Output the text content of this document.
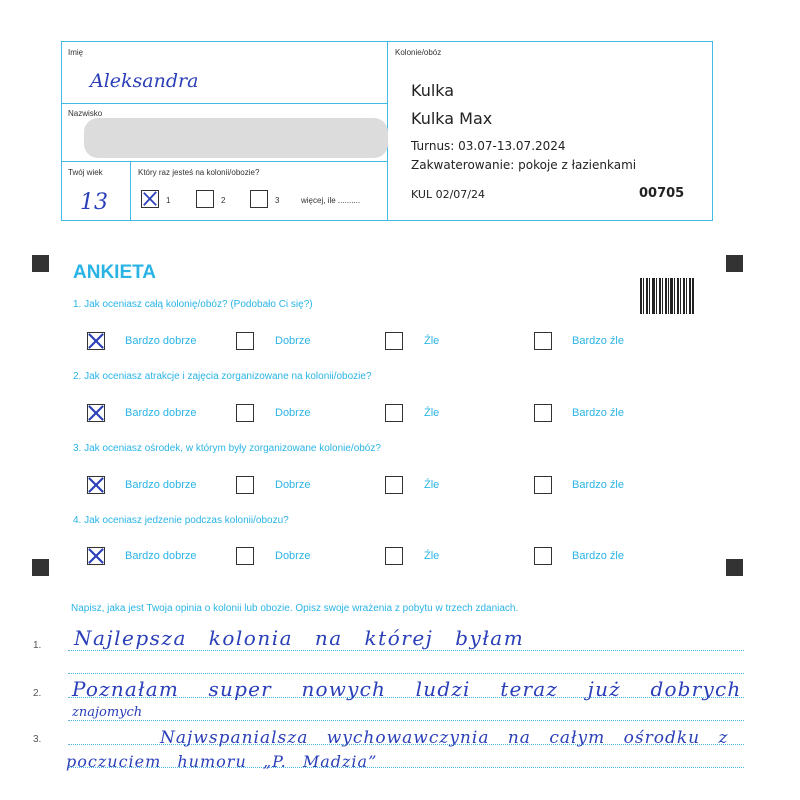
Imię
Aleksandra
Nazwisko
Twój wiek
13
Który raz jesteś na kolonii/obozie?
1	2	3	więcej, ile ..........
Kolonie/obóz
Kulka
Kulka Max
Turnus: 03.07-13.07.2024
Zakwaterowanie: pokoje z łazienkami
KUL 02/07/24	00705
ANKIETA
1. Jak oceniasz całą kolonię/obóz? (Podobało Ci się?)
Bardzo dobrze	Dobrze	Źle	Bardzo źle
2. Jak oceniasz atrakcje i zajęcia zorganizowane na kolonii/obozie?
Bardzo dobrze	Dobrze	Źle	Bardzo źle
3. Jak oceniasz ośrodek, w którym były zorganizowane kolonie/obóz?
Bardzo dobrze	Dobrze	Źle	Bardzo źle
4. Jak oceniasz jedzenie podczas kolonii/obozu?
Bardzo dobrze	Dobrze	Źle	Bardzo źle
Napisz, jaka jest Twoja opinia o kolonii lub obozie. Opisz swoje wrażenia z pobytu w trzech zdaniach.
1.
2.
3.
Najlepsza kolonia na której byłam
Poznałam super nowych ludzi teraz już dobrych
znajomych
Najwspanialsza wychowawczynia na całym ośrodku z
poczuciem humoru „P. Madzia”
